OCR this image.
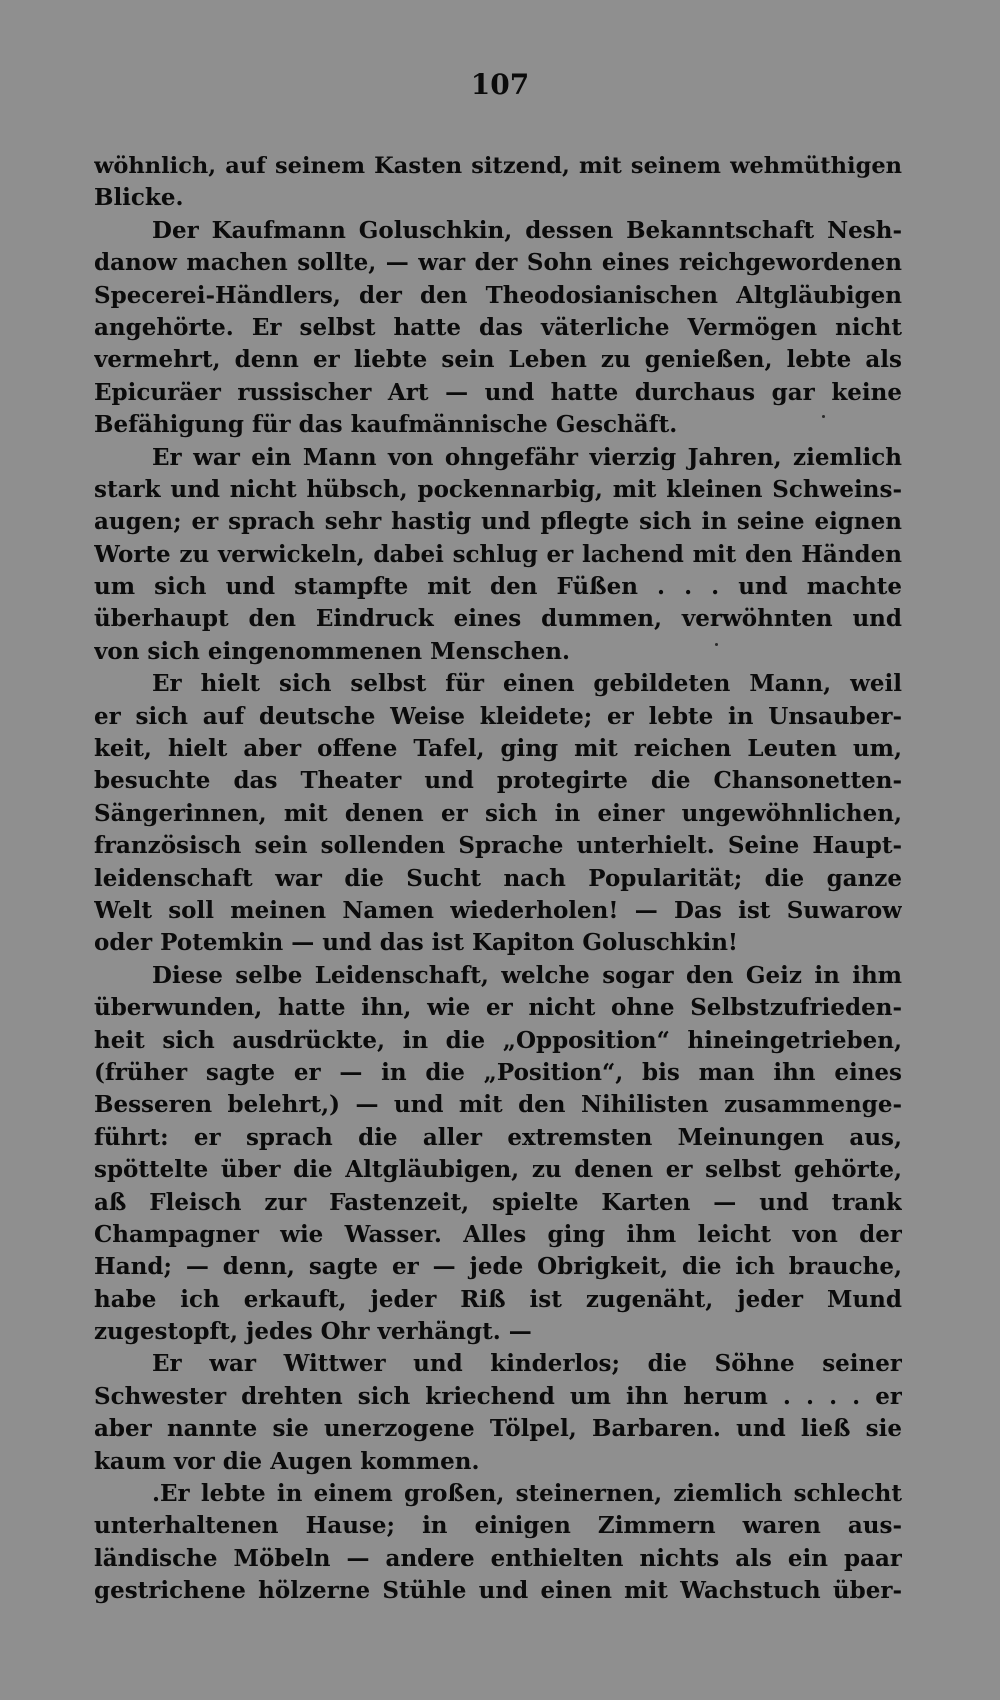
107
wöhnlich, auf seinem Kasten sitzend, mit seinem wehmüthigen
Blicke.
Der Kaufmann Goluschkin, dessen Bekanntschaft Nesh-
danow machen sollte, — war der Sohn eines reichgewordenen
Specerei-Händlers, der den Theodosianischen Altgläubigen
angehörte. Er selbst hatte das väterliche Vermögen nicht
vermehrt, denn er liebte sein Leben zu genießen, lebte als
Epicuräer russischer Art — und hatte durchaus gar keine
Befähigung für das kaufmännische Geschäft.
Er war ein Mann von ohngefähr vierzig Jahren, ziemlich
stark und nicht hübsch, pockennarbig, mit kleinen Schweins-
augen; er sprach sehr hastig und pflegte sich in seine eignen
Worte zu verwickeln, dabei schlug er lachend mit den Händen
um sich und stampfte mit den Füßen . . . und machte
überhaupt den Eindruck eines dummen, verwöhnten und
von sich eingenommenen Menschen.
Er hielt sich selbst für einen gebildeten Mann, weil
er sich auf deutsche Weise kleidete; er lebte in Unsauber-
keit, hielt aber offene Tafel, ging mit reichen Leuten um,
besuchte das Theater und protegirte die Chansonetten-
Sängerinnen, mit denen er sich in einer ungewöhnlichen,
französisch sein sollenden Sprache unterhielt. Seine Haupt-
leidenschaft war die Sucht nach Popularität; die ganze
Welt soll meinen Namen wiederholen! — Das ist Suwarow
oder Potemkin — und das ist Kapiton Goluschkin!
Diese selbe Leidenschaft, welche sogar den Geiz in ihm
überwunden, hatte ihn, wie er nicht ohne Selbstzufrieden-
heit sich ausdrückte, in die „Opposition“ hineingetrieben,
(früher sagte er — in die „Position“, bis man ihn eines
Besseren belehrt,) — und mit den Nihilisten zusammenge-
führt: er sprach die aller extremsten Meinungen aus,
spöttelte über die Altgläubigen, zu denen er selbst gehörte,
aß Fleisch zur Fastenzeit, spielte Karten — und trank
Champagner wie Wasser. Alles ging ihm leicht von der
Hand; — denn, sagte er — jede Obrigkeit, die ich brauche,
habe ich erkauft, jeder Riß ist zugenäht, jeder Mund
zugestopft, jedes Ohr verhängt. —
Er war Wittwer und kinderlos; die Söhne seiner
Schwester drehten sich kriechend um ihn herum . . . . er
aber nannte sie unerzogene Tölpel, Barbaren. und ließ sie
kaum vor die Augen kommen.
.Er lebte in einem großen, steinernen, ziemlich schlecht
unterhaltenen Hause; in einigen Zimmern waren aus-
ländische Möbeln — andere enthielten nichts als ein paar
gestrichene hölzerne Stühle und einen mit Wachstuch über-
